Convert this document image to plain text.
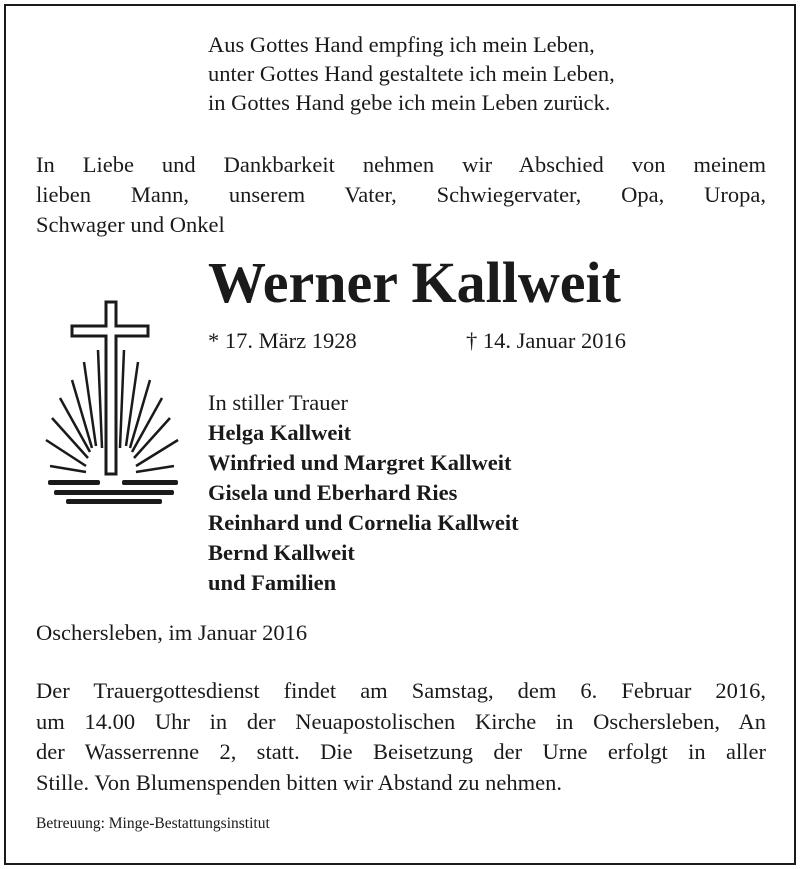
Aus Gottes Hand empfing ich mein Leben,
unter Gottes Hand gestaltete ich mein Leben,
in Gottes Hand gebe ich mein Leben zurück.
In Liebe und Dankbarkeit nehmen wir Abschied von meinem
lieben Mann, unserem Vater, Schwiegervater, Opa, Uropa,
Schwager und Onkel
Werner Kallweit
* 17. März 1928	† 14. Januar 2016
In stiller Trauer
Helga Kallweit
Winfried und Margret Kallweit
Gisela und Eberhard Ries
Reinhard und Cornelia Kallweit
Bernd Kallweit
und Familien
Oschersleben, im Januar 2016
Der Trauergottesdienst findet am Samstag, dem 6. Februar 2016,
um 14.00 Uhr in der Neuapostolischen Kirche in Oschersleben, An
der Wasserrenne 2, statt. Die Beisetzung der Urne erfolgt in aller
Stille. Von Blumenspenden bitten wir Abstand zu nehmen.
Betreuung: Minge-Bestattungsinstitut
